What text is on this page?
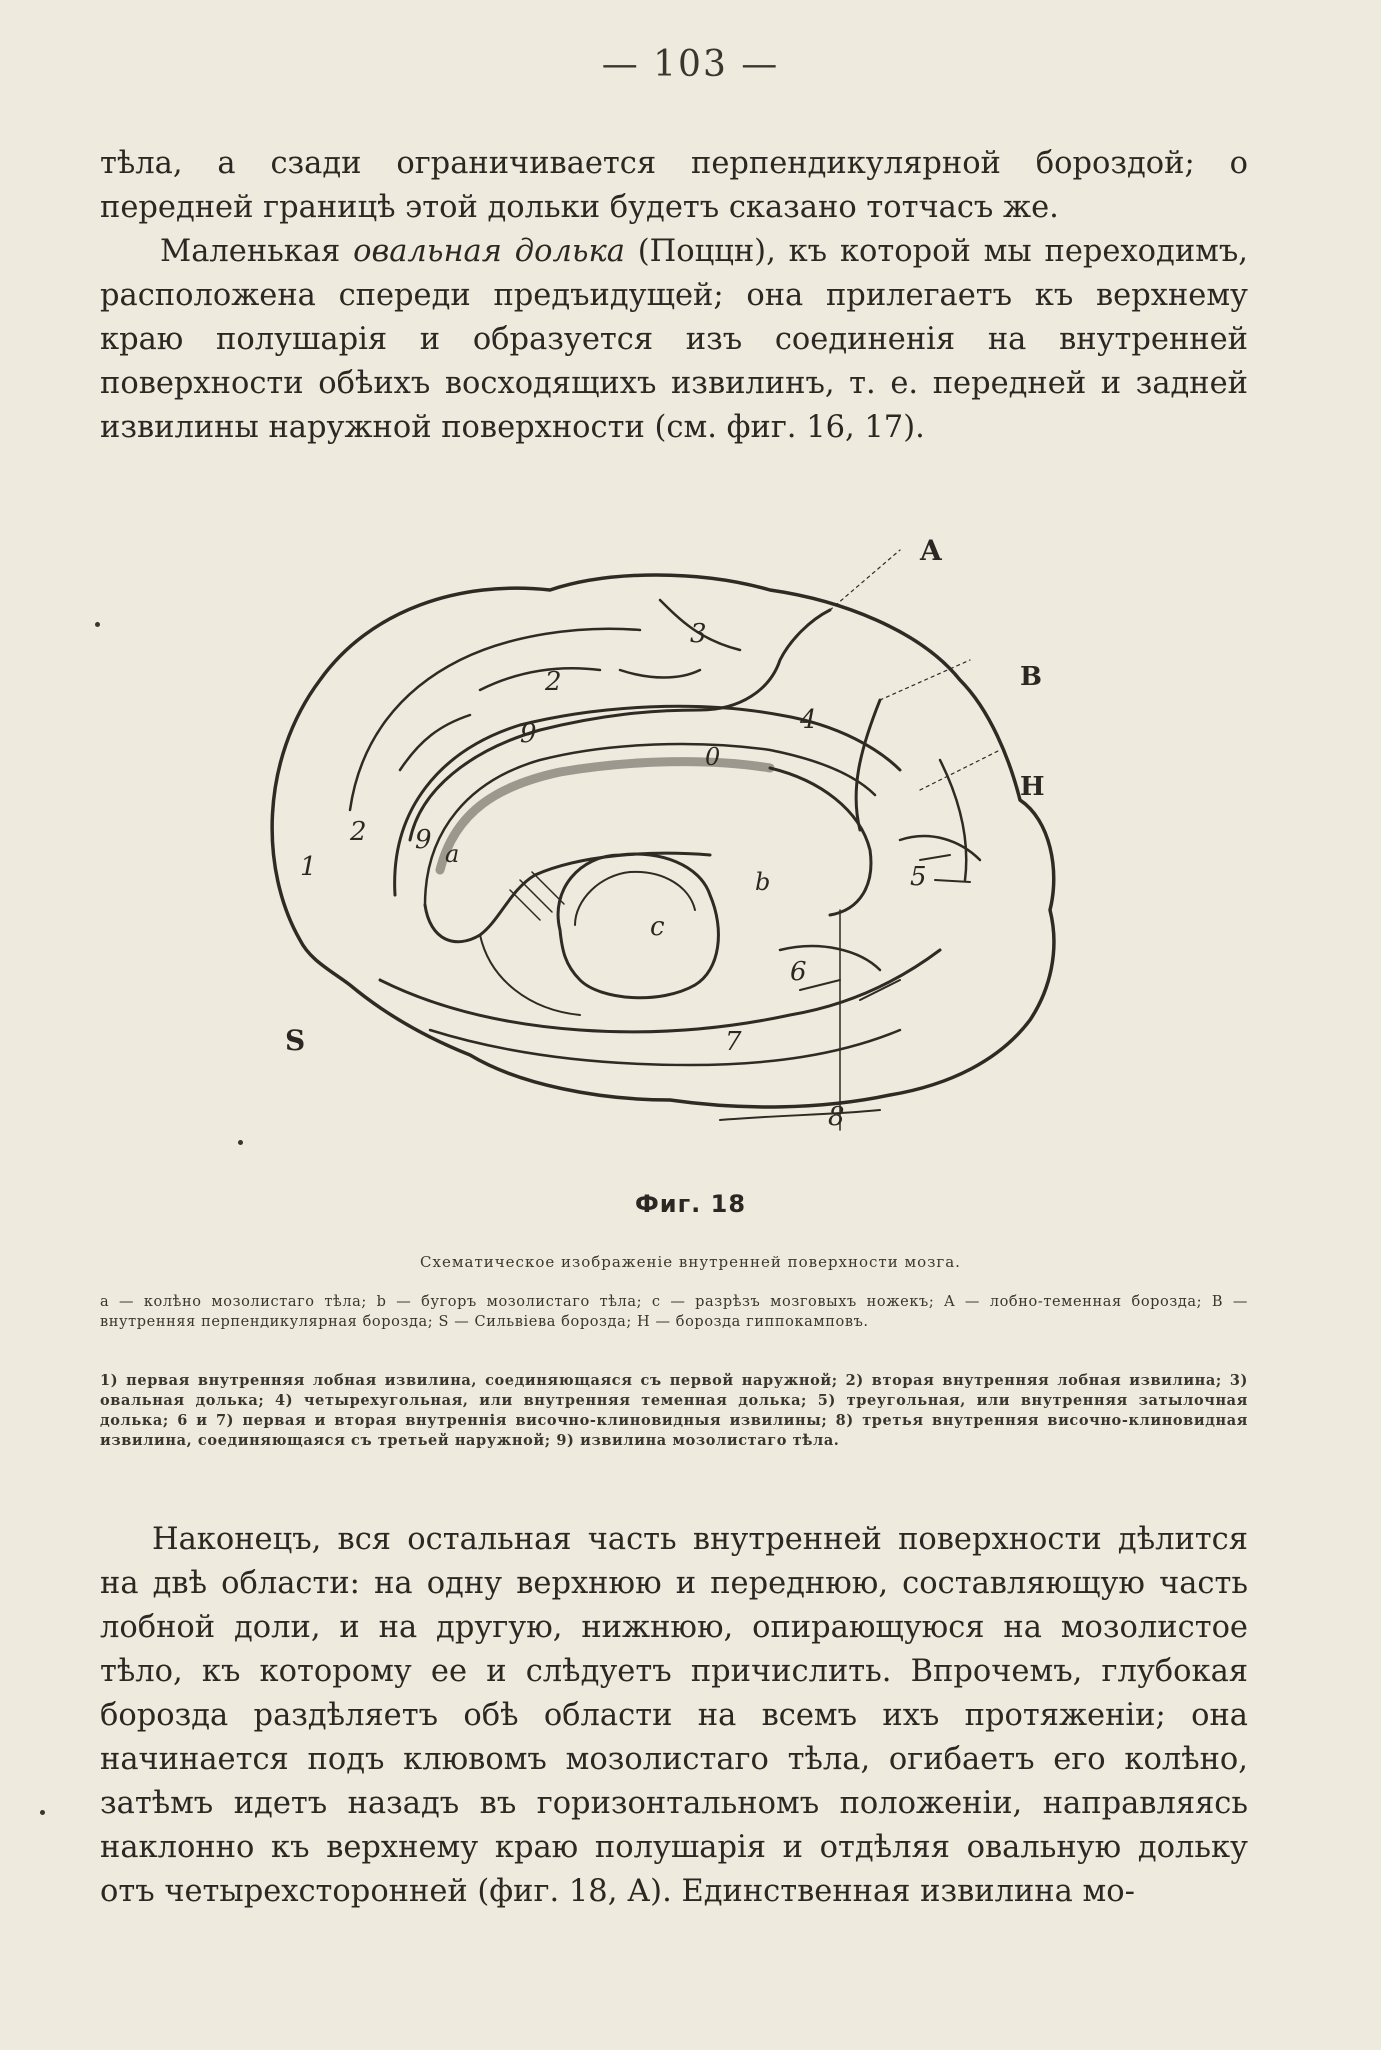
— 103 —

тѣла, а сзади ограничивается перпендикулярной бороздой; о передней границѣ этой дольки будетъ сказано тотчасъ же.

Маленькая овальная долька (Поццн), къ которой мы переходимъ, расположена спереди предъидущей; она прилегаетъ къ верхнему краю полушарія и образуется изъ соединенія на внутренней поверхности обѣихъ восходящихъ извилинъ, т. е. передней и задней извилины наружной поверхности (см. фиг. 16, 17).

A
B
H
S
1
2
2
3
4
5
6
7
8
9
9
0
a
b
c
Фиг. 18
Схематическое изображеніе внутренней поверхности мозга.

a — колѣно мозолистаго тѣла; b — бугоръ мозолистаго тѣла; c — разрѣзъ мозговыхъ ножекъ; A — лобно-теменная борозда; B — внутренняя перпендикулярная борозда; S — Сильвіева борозда; H — борозда гиппокамповъ.

1) первая внутренняя лобная извилина, соединяющаяся съ первой наружной; 2) вторая внутренняя лобная извилина; 3) овальная долька; 4) четырехугольная, или внутренняя теменная долька; 5) треугольная, или внутренняя затылочная долька; 6 и 7) первая и вторая внутреннія височно-клиновидныя извилины; 8) третья внутренняя височно-клиновидная извилина, соединяющаяся съ третьей наружной; 9) извилина мозолистаго тѣла.

Наконецъ, вся остальная часть внутренней поверхности дѣлится на двѣ области: на одну верхнюю и переднюю, составляющую часть лобной доли, и на другую, нижнюю, опирающуюся на мозолистое тѣло, къ которому ее и слѣдуетъ причислить. Впрочемъ, глубокая борозда раздѣляетъ обѣ области на всемъ ихъ протяженіи; она начинается подъ клювомъ мозолистаго тѣла, огибаетъ его колѣно, затѣмъ идетъ назадъ въ горизонтальномъ положеніи, направляясь наклонно къ верхнему краю полушарія и отдѣляя овальную дольку отъ четырехсторонней (фиг. 18, А). Единственная извилина мо-
